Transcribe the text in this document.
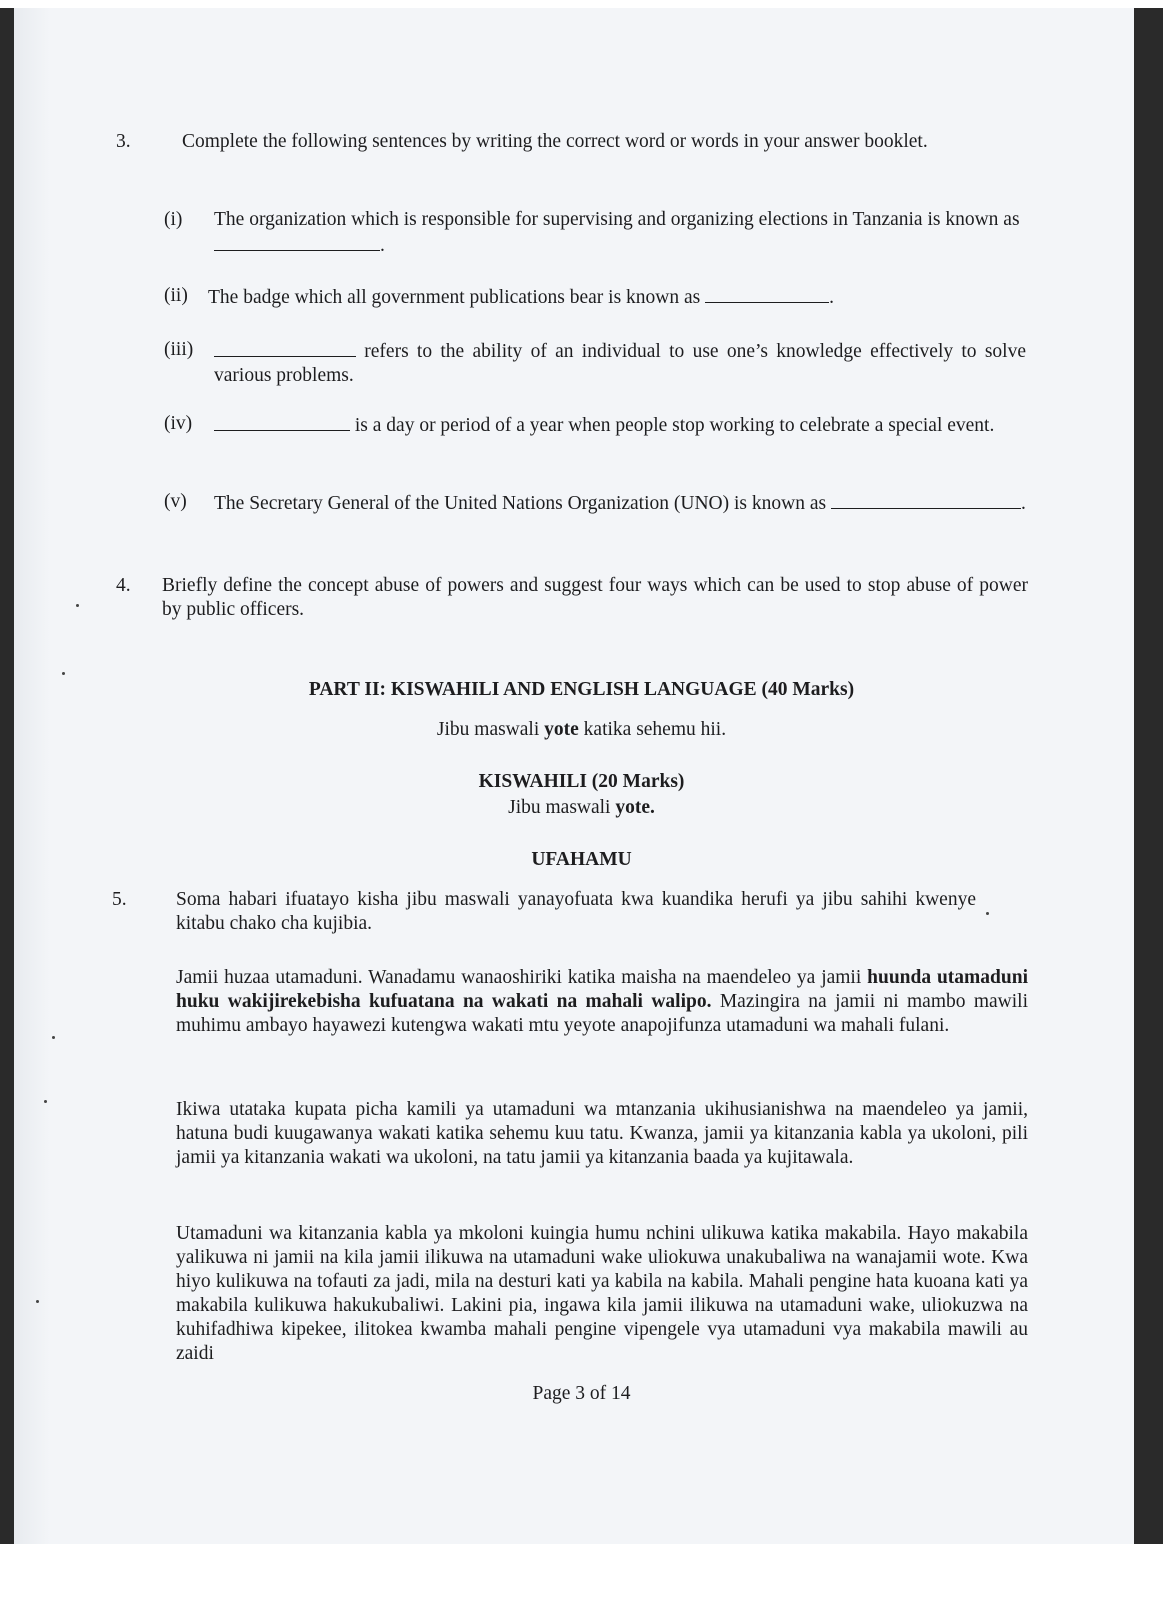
3.	Complete the following sentences by writing the correct word or words in your answer booklet.
(i) The organization which is responsible for supervising and organizing elections in Tanzania is known as .
(ii) The badge which all government publications bear is known as	.
(iii)	refers to the ability of an individual to use one’s knowledge effectively to solve various problems.
(iv)	is a day or period of a year when people stop working to celebrate a special event.
(v) The Secretary General of the United Nations Organization (UNO) is known as	.
4. Briefly define the concept abuse of powers and suggest four ways which can be used to stop abuse of power by public officers.
PART II: KISWAHILI AND ENGLISH LANGUAGE (40 Marks)
Jibu maswali yote katika sehemu hii.
KISWAHILI (20 Marks)
Jibu maswali yote.
UFAHAMU
5.	Soma habari ifuatayo kisha jibu maswali yanayofuata kwa kuandika herufi ya jibu sahihi kwenye kitabu chako cha kujibia.
Jamii huzaa utamaduni. Wanadamu wanaoshiriki katika maisha na maendeleo ya jamii huunda utamaduni huku wakijirekebisha kufuatana na wakati na mahali walipo. Mazingira na jamii ni mambo mawili muhimu ambayo hayawezi kutengwa wakati mtu yeyote anapojifunza utamaduni wa mahali fulani.
Ikiwa utataka kupata picha kamili ya utamaduni wa mtanzania ukihusianishwa na maendeleo ya jamii, hatuna budi kuugawanya wakati katika sehemu kuu tatu. Kwanza, jamii ya kitanzania kabla ya ukoloni, pili jamii ya kitanzania wakati wa ukoloni, na tatu jamii ya kitanzania baada ya kujitawala.
Utamaduni wa kitanzania kabla ya mkoloni kuingia humu nchini ulikuwa katika makabila. Hayo makabila yalikuwa ni jamii na kila jamii ilikuwa na utamaduni wake uliokuwa unakubaliwa na wanajamii wote. Kwa hiyo kulikuwa na tofauti za jadi, mila na desturi kati ya kabila na kabila. Mahali pengine hata kuoana kati ya makabila kulikuwa hakukubaliwi. Lakini pia, ingawa kila jamii ilikuwa na utamaduni wake, uliokuzwa na kuhifadhiwa kipekee, ilitokea kwamba mahali pengine vipengele vya utamaduni vya makabila mawili au zaidi
Page 3 of 14
